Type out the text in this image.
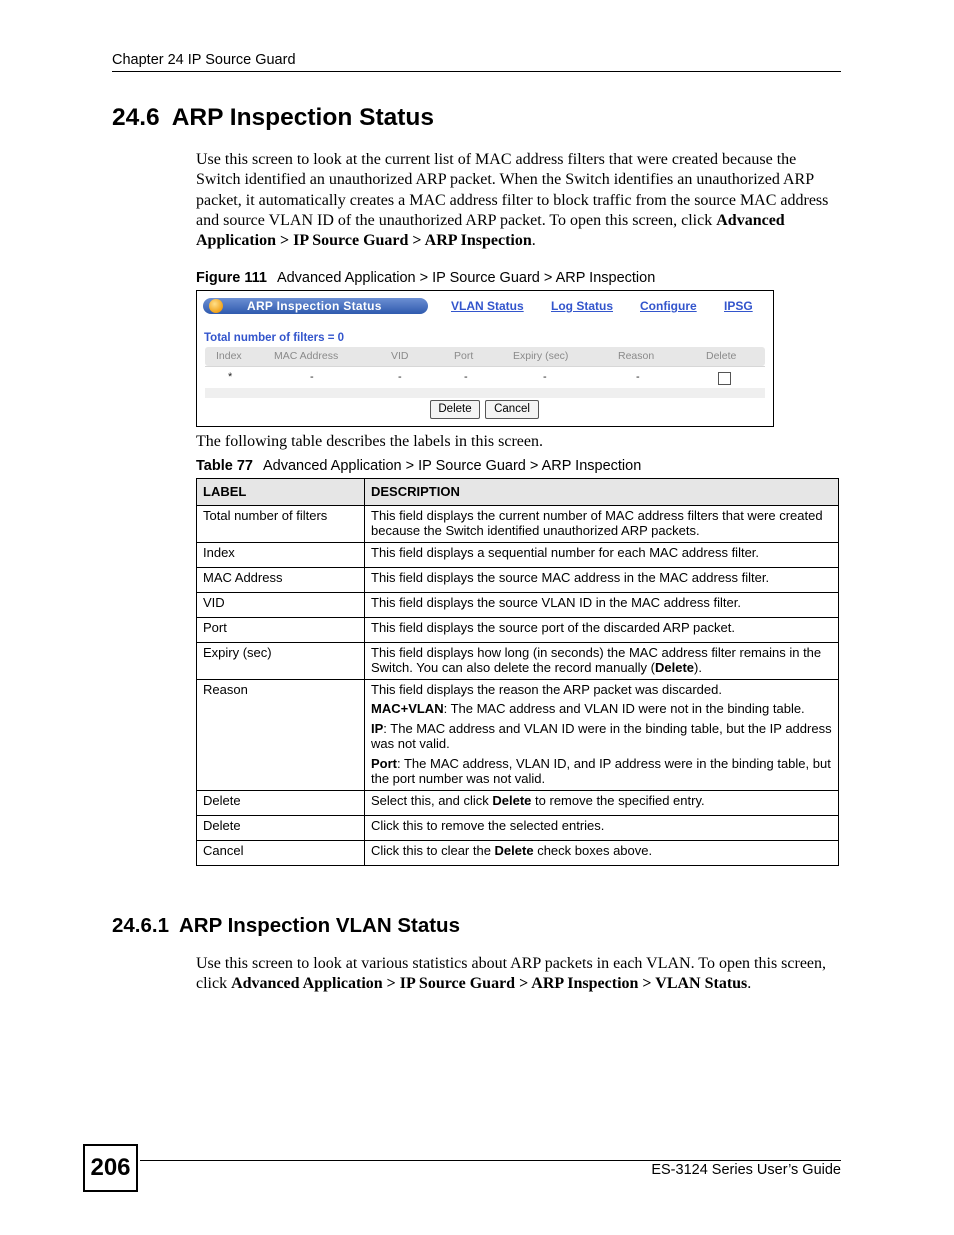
Chapter 24 IP Source Guard
24.6 ARP Inspection Status

Use this screen to look at the current list of MAC address filters that were created because the Switch identified an unauthorized ARP packet. When the Switch identifies an unauthorized ARP packet, it automatically creates a MAC address filter to block traffic from the source MAC address and source VLAN ID of the unauthorized ARP packet. To open this screen, click Advanced Application > IP Source Guard > ARP Inspection.

Figure 111 Advanced Application > IP Source Guard > ARP Inspection
ARP Inspection Status	VLAN Status Log Status Configure IPSG
Total number of filters = 0
Index	MAC Address	VID	Port	Expiry (sec)	Reason	Delete
*	-	-	-	-	-
Delete	Cancel

The following table describes the labels in this screen.

Table 77 Advanced Application > IP Source Guard > ARP Inspection
LABEL	DESCRIPTION
Total number of filters	This field displays the current number of MAC address filters that were created because the Switch identified unauthorized ARP packets.
Index	This field displays a sequential number for each MAC address filter.
MAC Address	This field displays the source MAC address in the MAC address filter.
VID	This field displays the source VLAN ID in the MAC address filter.
Port	This field displays the source port of the discarded ARP packet.
Expiry (sec)	This field displays how long (in seconds) the MAC address filter remains in the Switch. You can also delete the record manually (Delete).
Reason	This field displays the reason the ARP packet was discarded.
MAC+VLAN: The MAC address and VLAN ID were not in the binding table.
IP: The MAC address and VLAN ID were in the binding table, but the IP address was not valid.
Port: The MAC address, VLAN ID, and IP address were in the binding table, but the port number was not valid.

Delete	Select this, and click Delete to remove the specified entry.
Delete	Click this to remove the selected entries.
Cancel	Click this to clear the Delete check boxes above.
24.6.1 ARP Inspection VLAN Status

Use this screen to look at various statistics about ARP packets in each VLAN. To open this screen, click Advanced Application > IP Source Guard > ARP Inspection > VLAN Status.

206	ES-3124 Series User’s Guide
